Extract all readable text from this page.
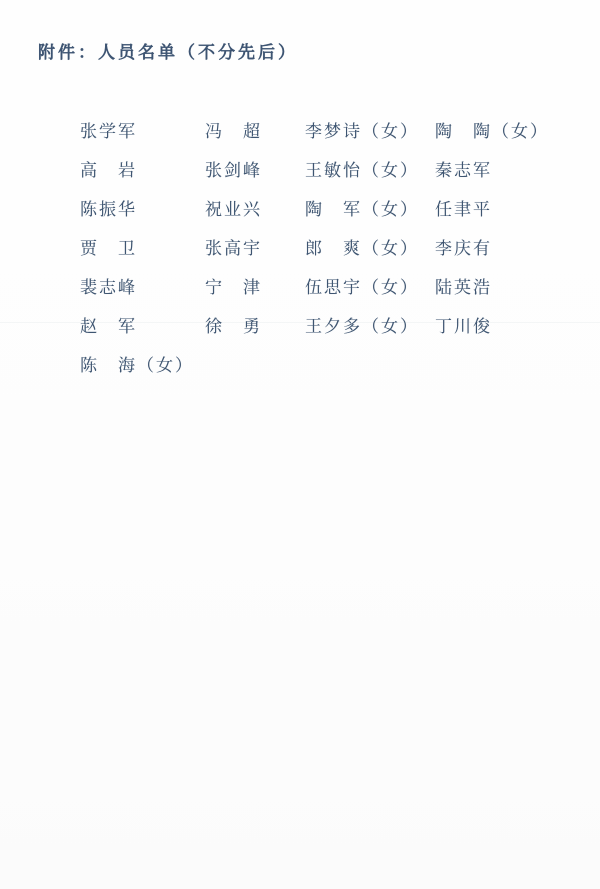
附件：人员名单（不分先后）
张学军	冯　超	李梦诗（女） 陶　陶（女）
高　岩	张剑峰	王敏怡（女） 秦志军
陈振华	祝业兴	陶　军（女） 任聿平
贾　卫	张高宇	郎　爽（女） 李庆有
裴志峰	宁　津	伍思宇（女） 陆英浩
赵　军	徐　勇	王夕多（女） 丁川俊
陈　海（女）
